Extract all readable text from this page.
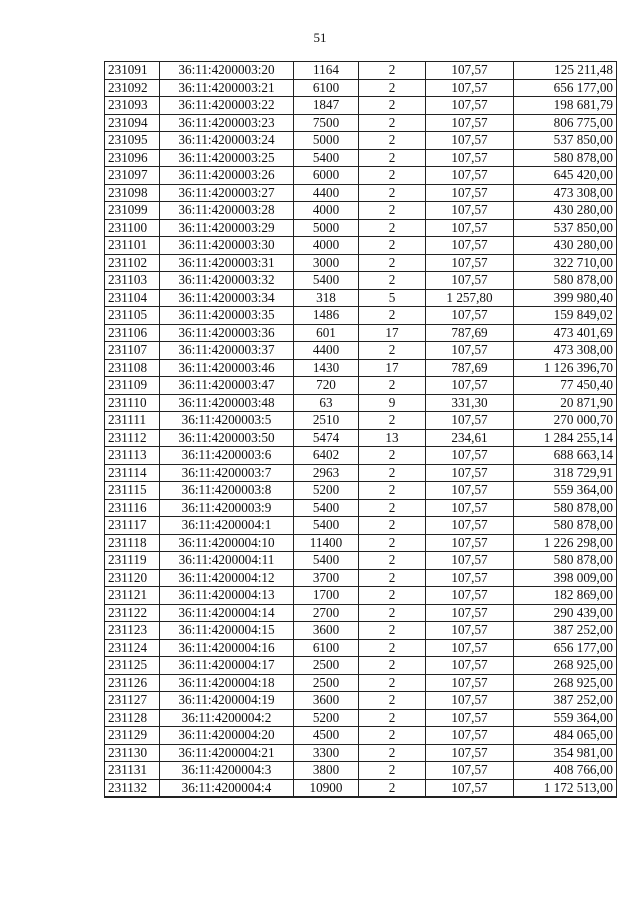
51
231091	36:11:4200003:20	1164	2	107,57	125 211,48
231092	36:11:4200003:21	6100	2	107,57	656 177,00
231093	36:11:4200003:22	1847	2	107,57	198 681,79
231094	36:11:4200003:23	7500	2	107,57	806 775,00
231095	36:11:4200003:24	5000	2	107,57	537 850,00
231096	36:11:4200003:25	5400	2	107,57	580 878,00
231097	36:11:4200003:26	6000	2	107,57	645 420,00
231098	36:11:4200003:27	4400	2	107,57	473 308,00
231099	36:11:4200003:28	4000	2	107,57	430 280,00
231100	36:11:4200003:29	5000	2	107,57	537 850,00
231101	36:11:4200003:30	4000	2	107,57	430 280,00
231102	36:11:4200003:31	3000	2	107,57	322 710,00
231103	36:11:4200003:32	5400	2	107,57	580 878,00
231104	36:11:4200003:34	318	5	1 257,80	399 980,40
231105	36:11:4200003:35	1486	2	107,57	159 849,02
231106	36:11:4200003:36	601	17	787,69	473 401,69
231107	36:11:4200003:37	4400	2	107,57	473 308,00
231108	36:11:4200003:46	1430	17	787,69	1 126 396,70
231109	36:11:4200003:47	720	2	107,57	77 450,40
231110	36:11:4200003:48	63	9	331,30	20 871,90
231111	36:11:4200003:5	2510	2	107,57	270 000,70
231112	36:11:4200003:50	5474	13	234,61	1 284 255,14
231113	36:11:4200003:6	6402	2	107,57	688 663,14
231114	36:11:4200003:7	2963	2	107,57	318 729,91
231115	36:11:4200003:8	5200	2	107,57	559 364,00
231116	36:11:4200003:9	5400	2	107,57	580 878,00
231117	36:11:4200004:1	5400	2	107,57	580 878,00
231118	36:11:4200004:10	11400	2	107,57	1 226 298,00
231119	36:11:4200004:11	5400	2	107,57	580 878,00
231120	36:11:4200004:12	3700	2	107,57	398 009,00
231121	36:11:4200004:13	1700	2	107,57	182 869,00
231122	36:11:4200004:14	2700	2	107,57	290 439,00
231123	36:11:4200004:15	3600	2	107,57	387 252,00
231124	36:11:4200004:16	6100	2	107,57	656 177,00
231125	36:11:4200004:17	2500	2	107,57	268 925,00
231126	36:11:4200004:18	2500	2	107,57	268 925,00
231127	36:11:4200004:19	3600	2	107,57	387 252,00
231128	36:11:4200004:2	5200	2	107,57	559 364,00
231129	36:11:4200004:20	4500	2	107,57	484 065,00
231130	36:11:4200004:21	3300	2	107,57	354 981,00
231131	36:11:4200004:3	3800	2	107,57	408 766,00
231132	36:11:4200004:4	10900	2	107,57	1 172 513,00
